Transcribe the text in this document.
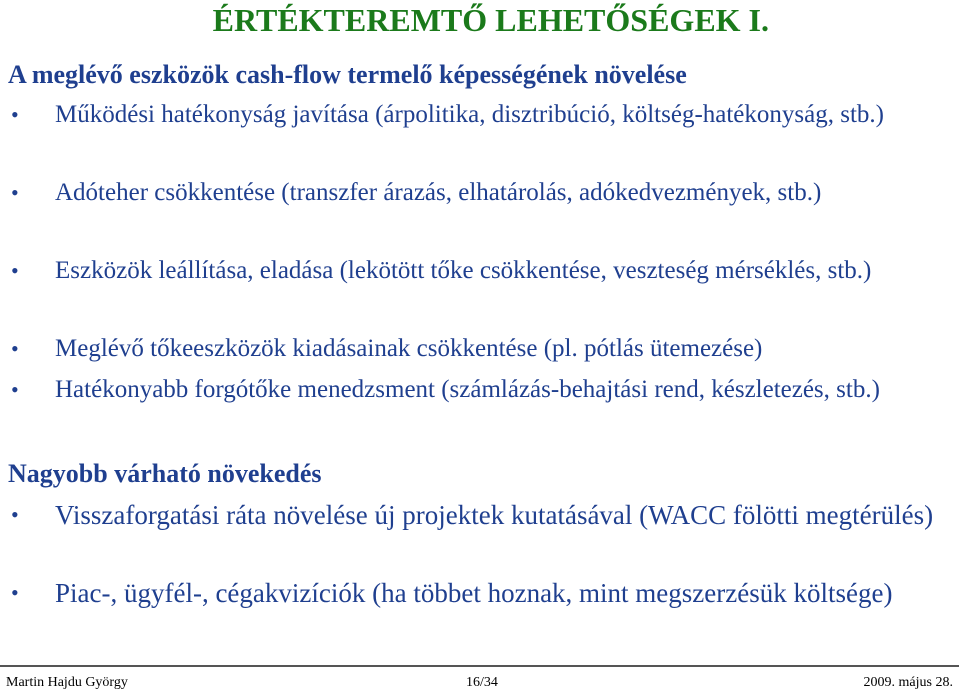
ÉRTÉKTEREMTŐ LEHETŐSÉGEK I.
A meglévő eszközök cash-flow termelő képességének növelése
• Működési hatékonyság javítása (árpolitika, disztribúció, költség-hatékonyság, stb.)
• Adóteher csökkentése (transzfer árazás, elhatárolás, adókedvezmények, stb.)
• Eszközök leállítása, eladása (lekötött tőke csökkentése, veszteség mérséklés, stb.)
• Meglévő tőkeeszközök kiadásainak csökkentése (pl. pótlás ütemezése)
• Hatékonyabb forgótőke menedzsment (számlázás-behajtási rend, készletezés, stb.)
Nagyobb várható növekedés
• Visszaforgatási ráta növelése új projektek kutatásával (WACC fölötti megtérülés)
• Piac-, ügyfél-, cégakvizíciók (ha többet hoznak, mint megszerzésük költsége)
Martin Hajdu György	16/34	2009. május 28.
